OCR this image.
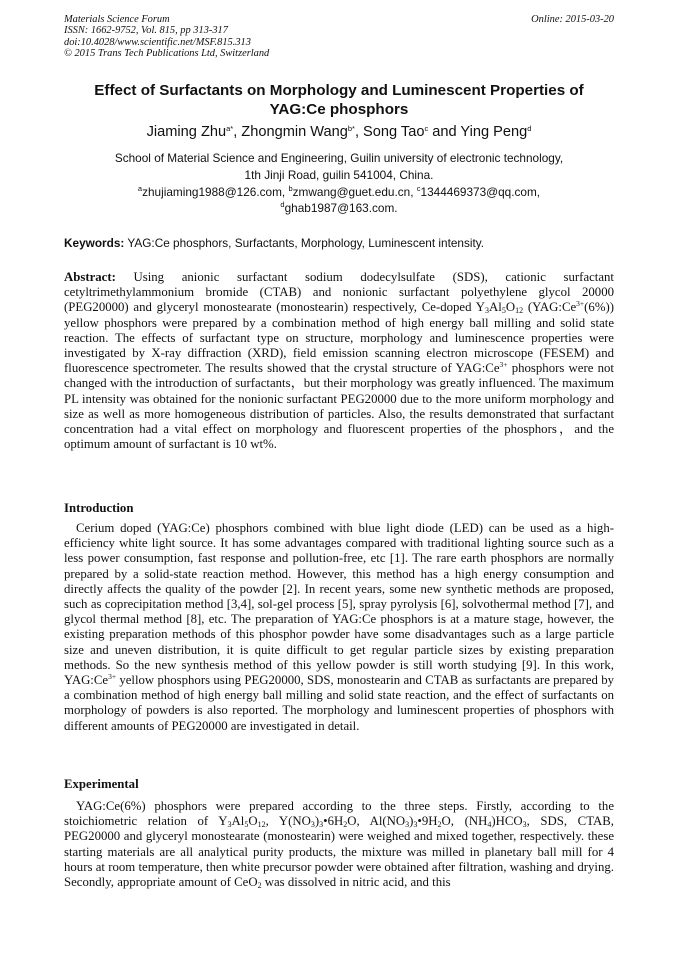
Materials Science Forum
ISSN: 1662-9752, Vol. 815, pp 313-317
doi:10.4028/www.scientific.net/MSF.815.313
© 2015 Trans Tech Publications Ltd, Switzerland
Online: 2015-03-20
Effect of Surfactants on Morphology and Luminescent Properties of
YAG:Ce phosphors
Jiaming Zhu$^{a*}$, Zhongmin Wang$^{b*}$, Song Tao$^c$ and Ying Peng$^d$
School of Material Science and Engineering, Guilin university of electronic technology,
1th Jinji Road, guilin 541004, China.
$^a$zhujiaming1988@126.com, $^b$zmwang@guet.edu.cn, $^c$1344469373@qq.com,
$^d$ghab1987@163.com.
Keywords: YAG:Ce phosphors, Surfactants, Morphology, Luminescent intensity.
Abstract: Using anionic surfactant sodium dodecylsulfate (SDS), cationic surfactant cetyltrimethylammonium bromide (CTAB) and nonionic surfactant polyethylene glycol 20000 (PEG20000) and glyceryl monostearate (monostearin) respectively, Ce-doped $Y_3Al_5O_{12}$ $(YAG:Ce^{3+}(6\%))$ yellow phosphors were prepared by a combination method of high energy ball milling and solid state reaction. The effects of surfactant type on structure, morphology and luminescence properties were investigated by X-ray diffraction (XRD), field emission scanning electron microscope (FESEM) and fluorescence spectrometer. The results showed that the crystal structure of $YAG:Ce^{3+}$ phosphors were not changed with the introduction of surfactants，but their morphology was greatly influenced. The maximum PL intensity was obtained for the nonionic surfactant PEG20000 due to the more uniform morphology and size as well as more homogeneous distribution of particles. Also, the results demonstrated that surfactant concentration had a vital effect on morphology and fluorescent properties of the phosphors，and the optimum amount of surfactant is 10 wt%.
Introduction
Cerium doped (YAG:Ce) phosphors combined with blue light diode (LED) can be used as a high-efficiency white light source. It has some advantages compared with traditional lighting source such as a less power consumption, fast response and pollution-free, etc [1]. The rare earth phosphors are normally prepared by a solid-state reaction method. However, this method has a high energy consumption and directly affects the quality of the powder [2]. In recent years, some new synthetic methods are proposed, such as coprecipitation method [3,4], sol-gel process [5], spray pyrolysis [6], solvothermal method [7], and glycol thermal method [8], etc. The preparation of YAG:Ce phosphors is at a mature stage, however, the existing preparation methods of this phosphor powder have some disadvantages such as a large particle size and uneven distribution, it is quite difficult to get regular particle sizes by existing preparation methods. So the new synthesis method of this yellow powder is still worth studying [9]. In this work, $YAG:Ce^{3+}$ yellow phosphors using PEG20000, SDS, monostearin and CTAB as surfactants are prepared by a combination method of high energy ball milling and solid state reaction, and the effect of surfactants on morphology of powders is also reported. The morphology and luminescent properties of phosphors with different amounts of PEG20000 are investigated in detail.
Experimental
YAG:Ce(6%) phosphors were prepared according to the three steps. Firstly, according to the stoichiometric relation of $Y_3Al_5O_{12}$, $Y(NO_3)_3•6H_2O$, $Al(NO_3)_3•9H_2O$, $(NH_4)HCO_3$, SDS, CTAB, PEG20000 and glyceryl monostearate (monostearin) were weighed and mixed together, respectively. these starting materials are all analytical purity products, the mixture was milled in planetary ball mill for 4 hours at room temperature, then white precursor powder were obtained after filtration, washing and drying. Secondly, appropriate amount of CeO$_2$ was dissolved in nitric acid, and this
